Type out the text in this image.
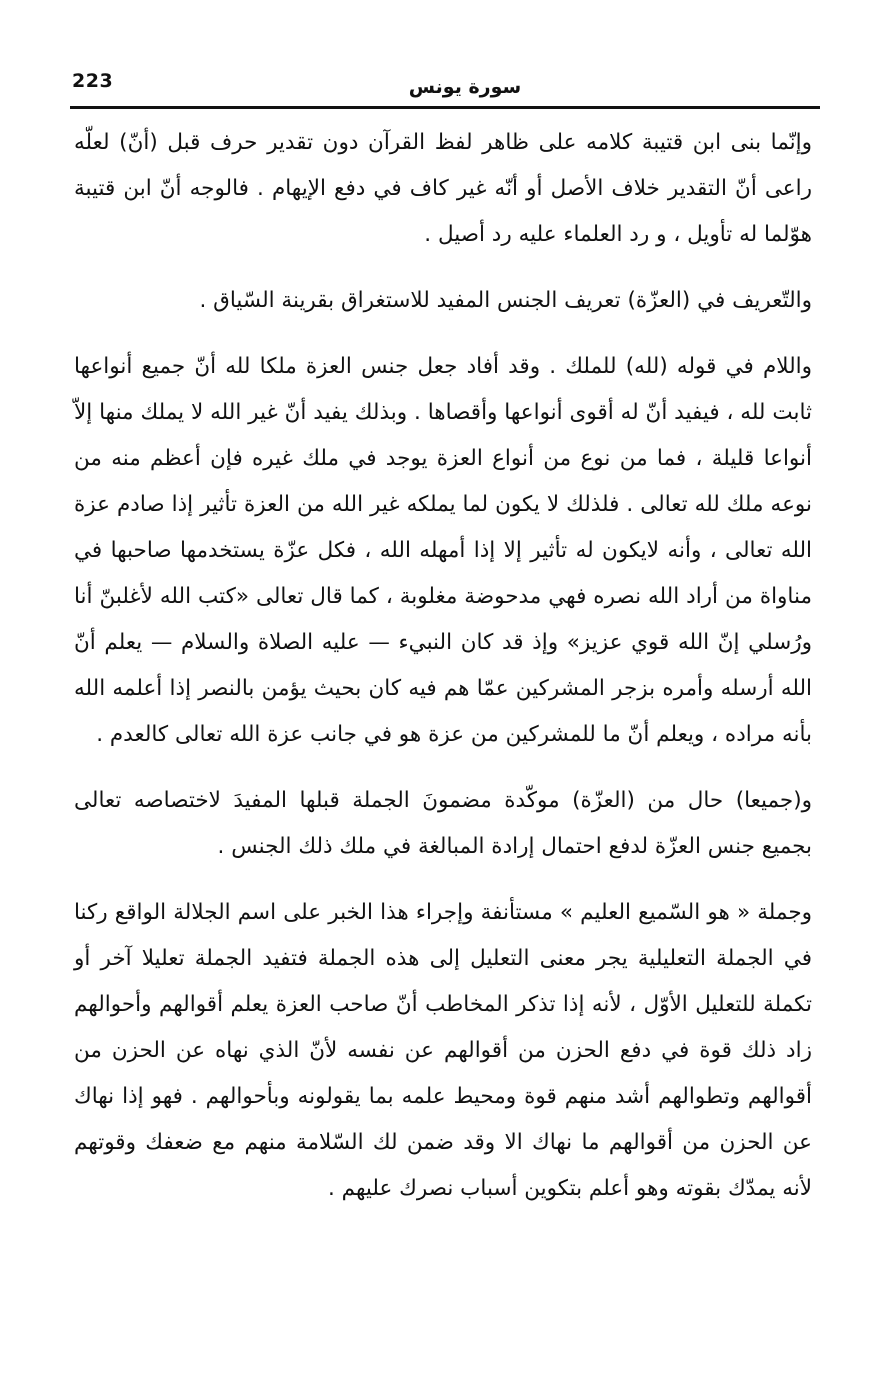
223	سورة يونس

وإنّما بنى ابن قتيبة كلامه على ظاهر لفظ القرآن دون تقدير حرف قبل (أنّ) لعلّه راعى أنّ التقدير خلاف الأصل أو أنّه غير كاف في دفع الإيهام . فالوجه أنّ ابن قتيبة هوّلما له تأويل ، و رد العلماء عليه رد أصيل .

والتّعريف في (العزّة) تعريف الجنس المفيد للاستغراق بقرينة السّياق .

واللام في قوله (لله) للملك . وقد أفاد جعل جنس العزة ملكا لله أنّ جميع أنواعها ثابت لله ، فيفيد أنّ له أقوى أنواعها وأقصاها . وبذلك يفيد أنّ غير الله لا يملك منها إلاّ أنواعا قليلة ، فما من نوع من أنواع العزة يوجد في ملك غيره فإن أعظم منه من نوعه ملك لله تعالى . فلذلك لا يكون لما يملكه غير الله من العزة تأثير إذا صادم عزة الله تعالى ، وأنه لايكون له تأثير إلا إذا أمهله الله ، فكل عزّة يستخدمها صاحبها في مناواة من أراد الله نصره فهي مدحوضة مغلوبة ، كما قال تعالى «كتب الله لأغلبنّ أنا ورُسلي إنّ الله قوي عزيز» وإذ قد كان النبيء — عليه الصلاة والسلام — يعلم أنّ الله أرسله وأمره بزجر المشركين عمّا هم فيه كان بحيث يؤمن بالنصر إذا أعلمه الله بأنه مراده ، ويعلم أنّ ما للمشركين من عزة هو في جانب عزة الله تعالى كالعدم .

و(جميعا) حال من (العزّة) موكّدة مضمونَ الجملة قبلها المفيدَ لاختصاصه تعالى بجميع جنس العزّة لدفع احتمال إرادة المبالغة في ملك ذلك الجنس .

وجملة « هو السّميع العليم » مستأنفة وإجراء هذا الخبر على اسم الجلالة الواقع ركنا في الجملة التعليلية يجر معنى التعليل إلى هذه الجملة فتفيد الجملة تعليلا آخر أو تكملة للتعليل الأوّل ، لأنه إذا تذكر المخاطب أنّ صاحب العزة يعلم أقوالهم وأحوالهم زاد ذلك قوة في دفع الحزن من أقوالهم عن نفسه لأنّ الذي نهاه عن الحزن من أقوالهم وتطوالهم أشد منهم قوة ومحيط علمه بما يقولونه وبأحوالهم . فهو إذا نهاك عن الحزن من أقوالهم ما نهاك الا وقد ضمن لك السّلامة منهم مع ضعفك وقوتهم لأنه يمدّك بقوته وهو أعلم بتكوين أسباب نصرك عليهم .
